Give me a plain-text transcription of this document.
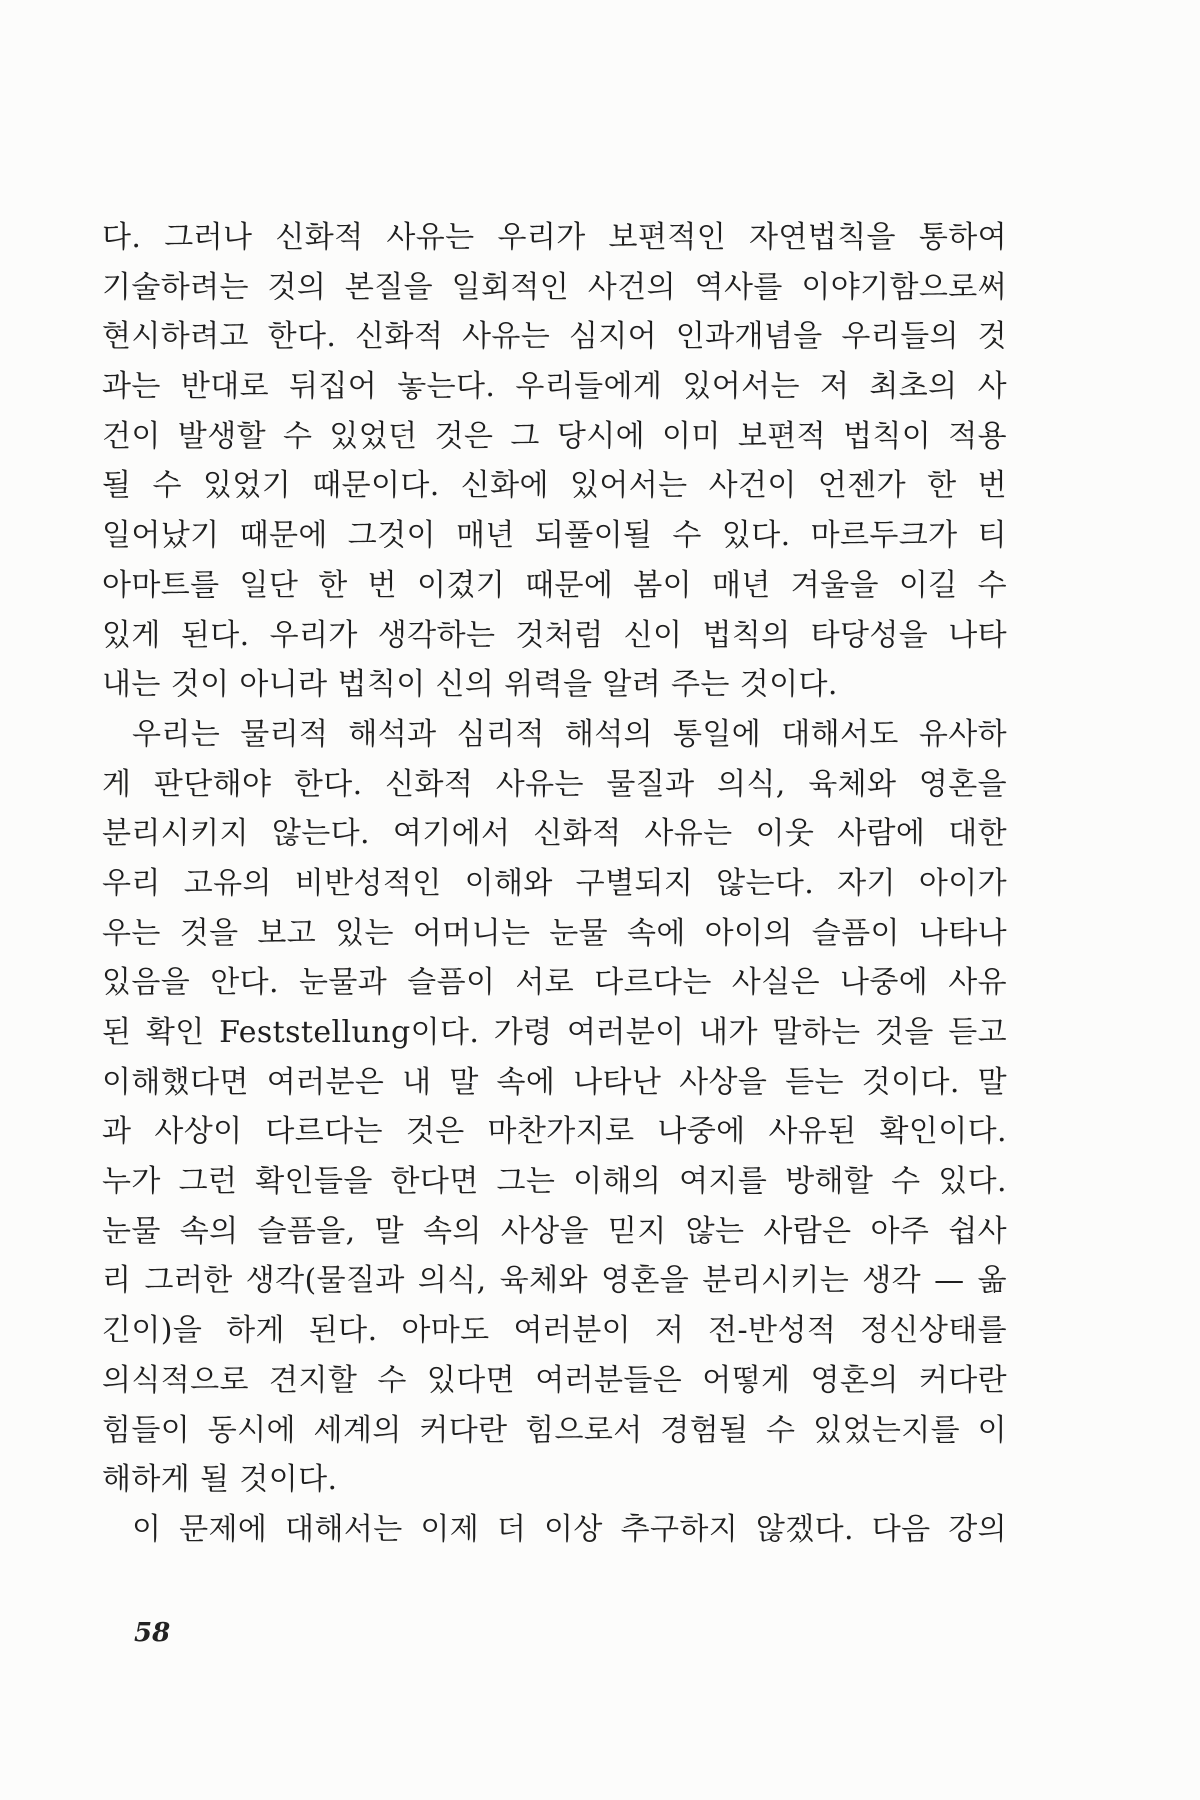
다. 그러나 신화적 사유는 우리가 보편적인 자연법칙을 통하여
기술하려는 것의 본질을 일회적인 사건의 역사를 이야기함으로써
현시하려고 한다. 신화적 사유는 심지어 인과개념을 우리들의 것
과는 반대로 뒤집어 놓는다. 우리들에게 있어서는 저 최초의 사
건이 발생할 수 있었던 것은 그 당시에 이미 보편적 법칙이 적용
될 수 있었기 때문이다. 신화에 있어서는 사건이 언젠가 한 번
일어났기 때문에 그것이 매년 되풀이될 수 있다. 마르두크가 티
아마트를 일단 한 번 이겼기 때문에 봄이 매년 겨울을 이길 수
있게 된다. 우리가 생각하는 것처럼 신이 법칙의 타당성을 나타
내는 것이 아니라 법칙이 신의 위력을 알려 주는 것이다.
우리는 물리적 해석과 심리적 해석의 통일에 대해서도 유사하
게 판단해야 한다. 신화적 사유는 물질과 의식, 육체와 영혼을
분리시키지 않는다. 여기에서 신화적 사유는 이웃 사람에 대한
우리 고유의 비반성적인 이해와 구별되지 않는다. 자기 아이가
우는 것을 보고 있는 어머니는 눈물 속에 아이의 슬픔이 나타나
있음을 안다. 눈물과 슬픔이 서로 다르다는 사실은 나중에 사유
된 확인 Feststellung이다. 가령 여러분이 내가 말하는 것을 듣고
이해했다면 여러분은 내 말 속에 나타난 사상을 듣는 것이다. 말
과 사상이 다르다는 것은 마찬가지로 나중에 사유된 확인이다.
누가 그런 확인들을 한다면 그는 이해의 여지를 방해할 수 있다.
눈물 속의 슬픔을, 말 속의 사상을 믿지 않는 사람은 아주 쉽사
리 그러한 생각(물질과 의식, 육체와 영혼을 분리시키는 생각 — 옮
긴이)을 하게 된다. 아마도 여러분이 저 전-반성적 정신상태를
의식적으로 견지할 수 있다면 여러분들은 어떻게 영혼의 커다란
힘들이 동시에 세계의 커다란 힘으로서 경험될 수 있었는지를 이
해하게 될 것이다.
이 문제에 대해서는 이제 더 이상 추구하지 않겠다. 다음 강의
58
